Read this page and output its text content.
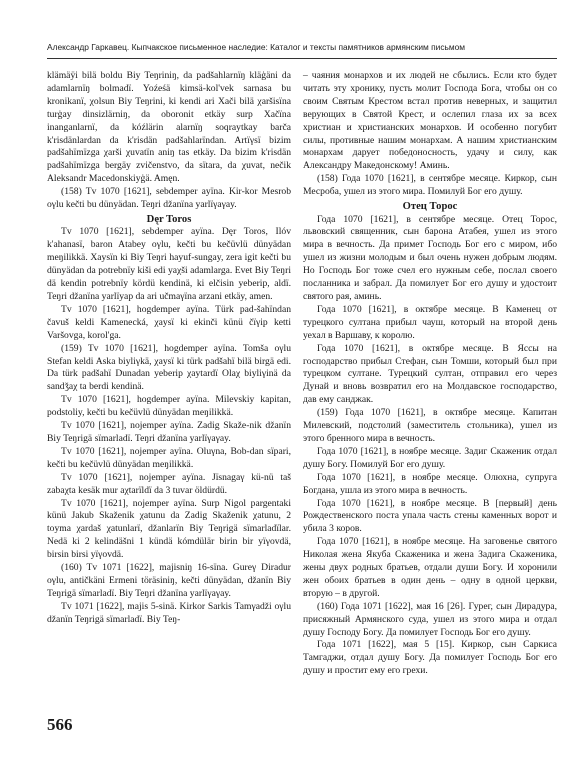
Александр Гаркавец. Кыпчакское письменное наследие: Каталог и тексты памятников армянским письмом

klämäÿi bilä boldu Biy Teŋriniŋ, da padšahlarnïŋ kläġäni da adamlarnïŋ bolmadï. Yoźeśä kimsä-kol'vek sarnasa bu kronikanï, χolsun Biy Teŋrini, ki kendi ari Xači bilä χaršisïna turġay dinsizlärniŋ, da oboronit etkäy surp Xačïna inanganlarnï, da kóźlärin alarnïŋ soqraytkay barčа k'risdänlardan da k'risdän padšahlarïndan. Artïγsï bizim padšahïmïzga χarši χuvatïn aniŋ tas etkäy. Da bizim k'risdän padšahïmïzga bergäy zvičenstvo, da sïtara, da χuvat, nečik Aleksandr Macedonskiyġä. Amęn.

(158) Tv 1070 [1621], sebdemper ayïna. Kir-kor Mesrob oγlu kečti bu dünyädan. Teŋri džanïna yarlïγaγay.

Dęr Toros

Tv 1070 [1621], sebdemper ayïna. Dęr Toros, Ilóv k'ahanasï, baron Atabey oγlu, kečti bu kečüvlü dünyädan meŋilikkä. Xaysïn ki Biy Teŋri hayuf-sungay, zera igit kečti bu dünyädan da potrebnïy kiši edi yaχši adamlarga. Evet Biy Teŋri dä kendin potrebnïy kördü kendinä, ki elčisin yeberip, aldï. Teŋri džanïna yarlïyap da ari učmaγïna arzani etkäy, amen.

Tv 1070 [1621], hogdemper ayïna. Türk pad-šahïndan čavuš keldi Kamenecká, χaysï ki ekinči künü čïγip ketti Varšovga, korol'ga.

(159) Tv 1070 [1621], hogdemper ayïna. Tomša oγlu Stefan keldi Aska biyliγkä, χaysï ki türk padšahï bilä birgä edi. Da türk padšahï Dunadan yeberip χaytardï Olaχ biyliγinä da sandǯaχ ta berdi kendinä.

Tv 1070 [1621], hogdemper ayïna. Milevskiy kapitan, podstoliy, kečti bu kečüvlü dünyädan meŋilikkä.

Tv 1070 [1621], nojemper ayïna. Zadig Skaže-nik džanïn Biy Teŋrigä sïmarladï. Teŋri džanïna yarlïγaγay.

Tv 1070 [1621], nojemper ayïna. Oluγna, Bob-dan sïpari, kečti bu kečüvlü dünyädan meŋilikkä.

Tv 1070 [1621], nojemper ayïna. Jïsnagaγ kü-nü taš zabaχta kesäk mur aχtarïldï da 3 tuvar öldürdü.

Tv 1070 [1621], nojemper ayïna. Surp Nigol pargentaki künü Jakub Skaženik χatunu da Zadig Skaženik χatunu, 2 toyma χardaš χatunlarï, džanlarïn Biy Teŋrigä sïmarladïlar. Nedä ki 2 kelindäšni 1 kündä kómdülär birin bir yïγovdä, birsin birsi yïγovdä.

(160) Tv 1071 [1622], majisniŋ 16-sïna. Gureγ Diradur oγlu, antičkäni Ermeni töräsiniŋ, kečti dünyädan, džanïn Biy Teŋrigä sïmarladï. Biy Teŋri džanïna yarlïγaγay.

Tv 1071 [1622], majis 5-sinä. Kirkor Sarkis Tamγadži oγlu džanïn Teŋrigä sïmarladï. Biy Teŋ-

– чаяния монархов и их людей не сбылись. Если кто будет читать эту хронику, пусть молит Господа Бога, чтобы он со своим Святым Крестом встал против неверных, и защитил верующих в Святой Крест, и ослепил глаза их за всех христиан и христианских монархов. И особенно погубит силы, противные нашим монархам. А нашим христианским монархам дарует победоносность, удачу и силу, как Александру Македонскому! Аминь.

(158) Года 1070 [1621], в сентябре месяце. Киркор, сын Месроба, ушел из этого мира. Помилуй Бог его душу.

Отец Торос

Года 1070 [1621], в сентябре месяце. Отец Торос, львовский священник, сын барона Атабея, ушел из этого мира в вечность. Да примет Господь Бог его с миром, ибо ушел из жизни молодым и был очень нужен добрым людям. Но Господь Бог тоже счел его нужным себе, послал своего посланника и забрал. Да помилует Бог его душу и удостоит святого рая, аминь.

Года 1070 [1621], в октябре месяце. В Каменец от турецкого султана прибыл чауш, который на второй день уехал в Варшаву, к королю.

Года 1070 [1621], в октябре месяце. В Яссы на господарство прибыл Стефан, сын Томши, который был при турецком султане. Турецкий султан, отправил его через Дунай и вновь возвратил его на Молдавское господарство, дав ему санджак.

(159) Года 1070 [1621], в октябре месяце. Капитан Милевский, подстолий (заместитель стольника), ушел из этого бренного мира в вечность.

Года 1070 [1621], в ноябре месяце. Задиг Скаженик отдал душу Богу. Помилуй Бог его душу.

Года 1070 [1621], в ноябре месяце. Олюхна, супруга Богдана, ушла из этого мира в вечность.

Года 1070 [1621], в ноябре месяце. В [первый] день Рождественского поста упала часть стены каменных ворот и убила 3 коров.

Года 1070 [1621], в ноябре месяце. На заговенье святого Николая жена Якуба Скаженика и жена Задига Скаженика, жены двух родных братьев, отдали души Богу. И хоронили жен обоих братьев в один день – одну в одной церкви, вторую – в другой.

(160) Года 1071 [1622], мая 16 [26]. Гурег, сын Дирадура, присяжный Армянского суда, ушел из этого мира и отдал душу Господу Богу. Да помилует Господь Бог его душу.

Года 1071 [1622], мая 5 [15]. Киркор, сын Саркиса Тамгаджи, отдал душу Богу. Да помилует Господь Бог его душу и простит ему его грехи.

566
